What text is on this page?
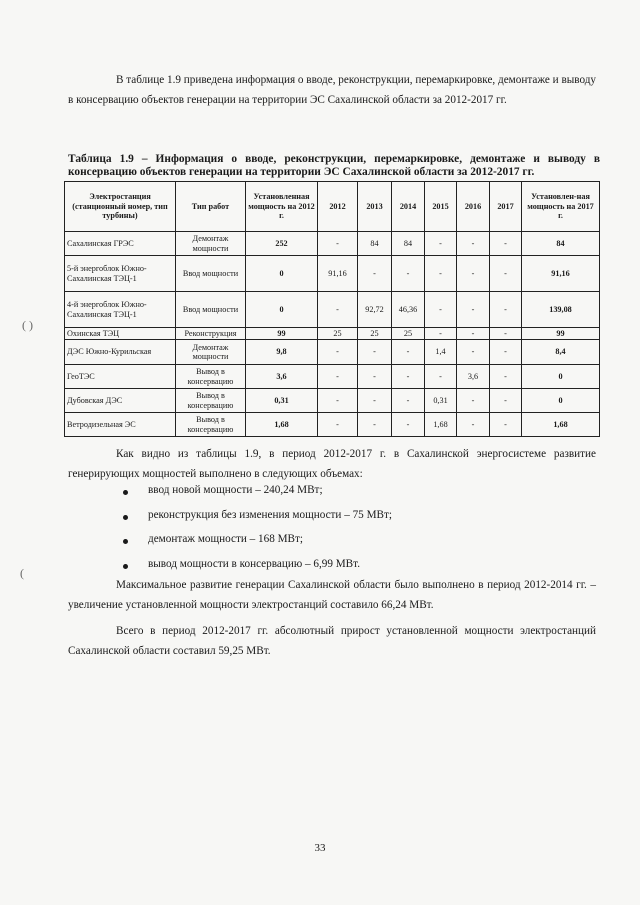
В таблице 1.9 приведена информация о вводе, реконструкции, перемаркировке, демонтаже и выводу в консервацию объектов генерации на территории ЭС Сахалинской области за 2012-2017 гг.
Таблица 1.9 – Информация о вводе, реконструкции, перемаркировке, демонтаже и выводу в консервацию объектов генерации на территории ЭС Сахалинской области за 2012-2017 гг.
Электростанция (станционный номер, тип турбины)	Тип работ	Установленная мощность на 2012 г.	2012	2013	2014	2015	2016	2017	Установлен-ная мощность на 2017 г.
Сахалинская ГРЭС	Демонтаж мощности	252	-	84	84	-	-	-	84
5-й энергоблок Южно-Сахалинская ТЭЦ-1	Ввод мощности	0	91,16	-	-	-	-	-	91,16
4-й энергоблок Южно-Сахалинская ТЭЦ-1	Ввод мощности	0	-	92,72	46,36	-	-	-	139,08
Охинская ТЭЦ	Реконструкция	99	25	25	25	-	-	-	99
ДЭС Южно-Курильская	Демонтаж мощности	9,8	-	-	-	1,4	-	-	8,4
ГеоТЭС	Вывод в консервацию	3,6	-	-	-	-	3,6	-	0
Дубовская ДЭС	Вывод в консервацию	0,31	-	-	-	0,31	-	-	0
Ветродизельная ЭС	Вывод в консервацию	1,68	-	-	-	1,68	-	-	1,68
Как видно из таблицы 1.9, в период 2012-2017 г. в Сахалинской энергосистеме развитие генерирующих мощностей выполнено в следующих объемах:
ввод новой мощности – 240,24 МВт;
реконструкция без изменения мощности – 75 МВт;
демонтаж мощности – 168 МВт;
вывод мощности в консервацию – 6,99 МВт.
Максимальное развитие генерации Сахалинской области было выполнено в период 2012-2014 гг. – увеличение установленной мощности электростанций составило 66,24 МВт.
Всего в период 2012-2017 гг. абсолютный прирост установленной мощности электростанций Сахалинской области составил 59,25 МВт.
( )
(
33
